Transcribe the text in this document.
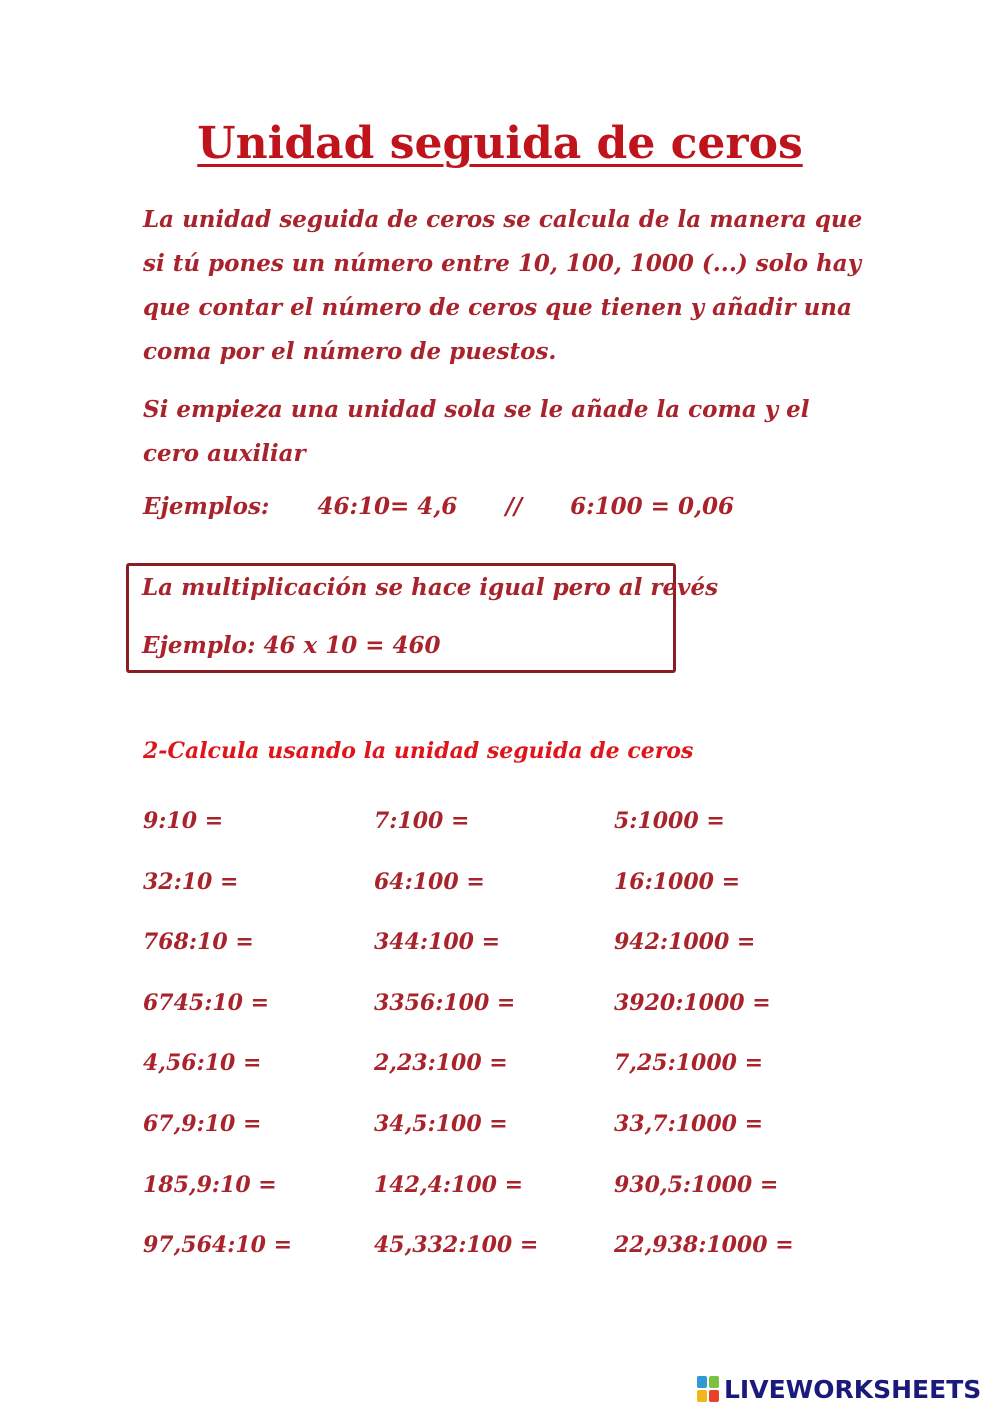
Unidad seguida de ceros

La unidad seguida de ceros se calcula de la manera que si tú pones un número entre 10, 100, 1000 (...) solo hay que contar el número de ceros que tienen y añadir una coma por el número de puestos.

Si empieza una unidad sola se le añade la coma y el cero auxiliar

Ejemplos: 46:10= 4,6 // 6:100 = 0,06
La multiplicación se hace igual pero al revés
Ejemplo: 46 x 10 = 460
2-Calcula usando la unidad seguida de ceros
9:10 =	7:100 =	5:1000 =
32:10 =	64:100 =	16:1000 =
768:10 =	344:100 =	942:1000 =
6745:10 =	3356:100 =	3920:1000 =
4,56:10 =	2,23:100 =	7,25:1000 =
67,9:10 =	34,5:100 =	33,7:1000 =
185,9:10 =	142,4:100 =	930,5:1000 =
97,564:10 =	45,332:100 =	22,938:1000 =
LIVEWORKSHEETS
